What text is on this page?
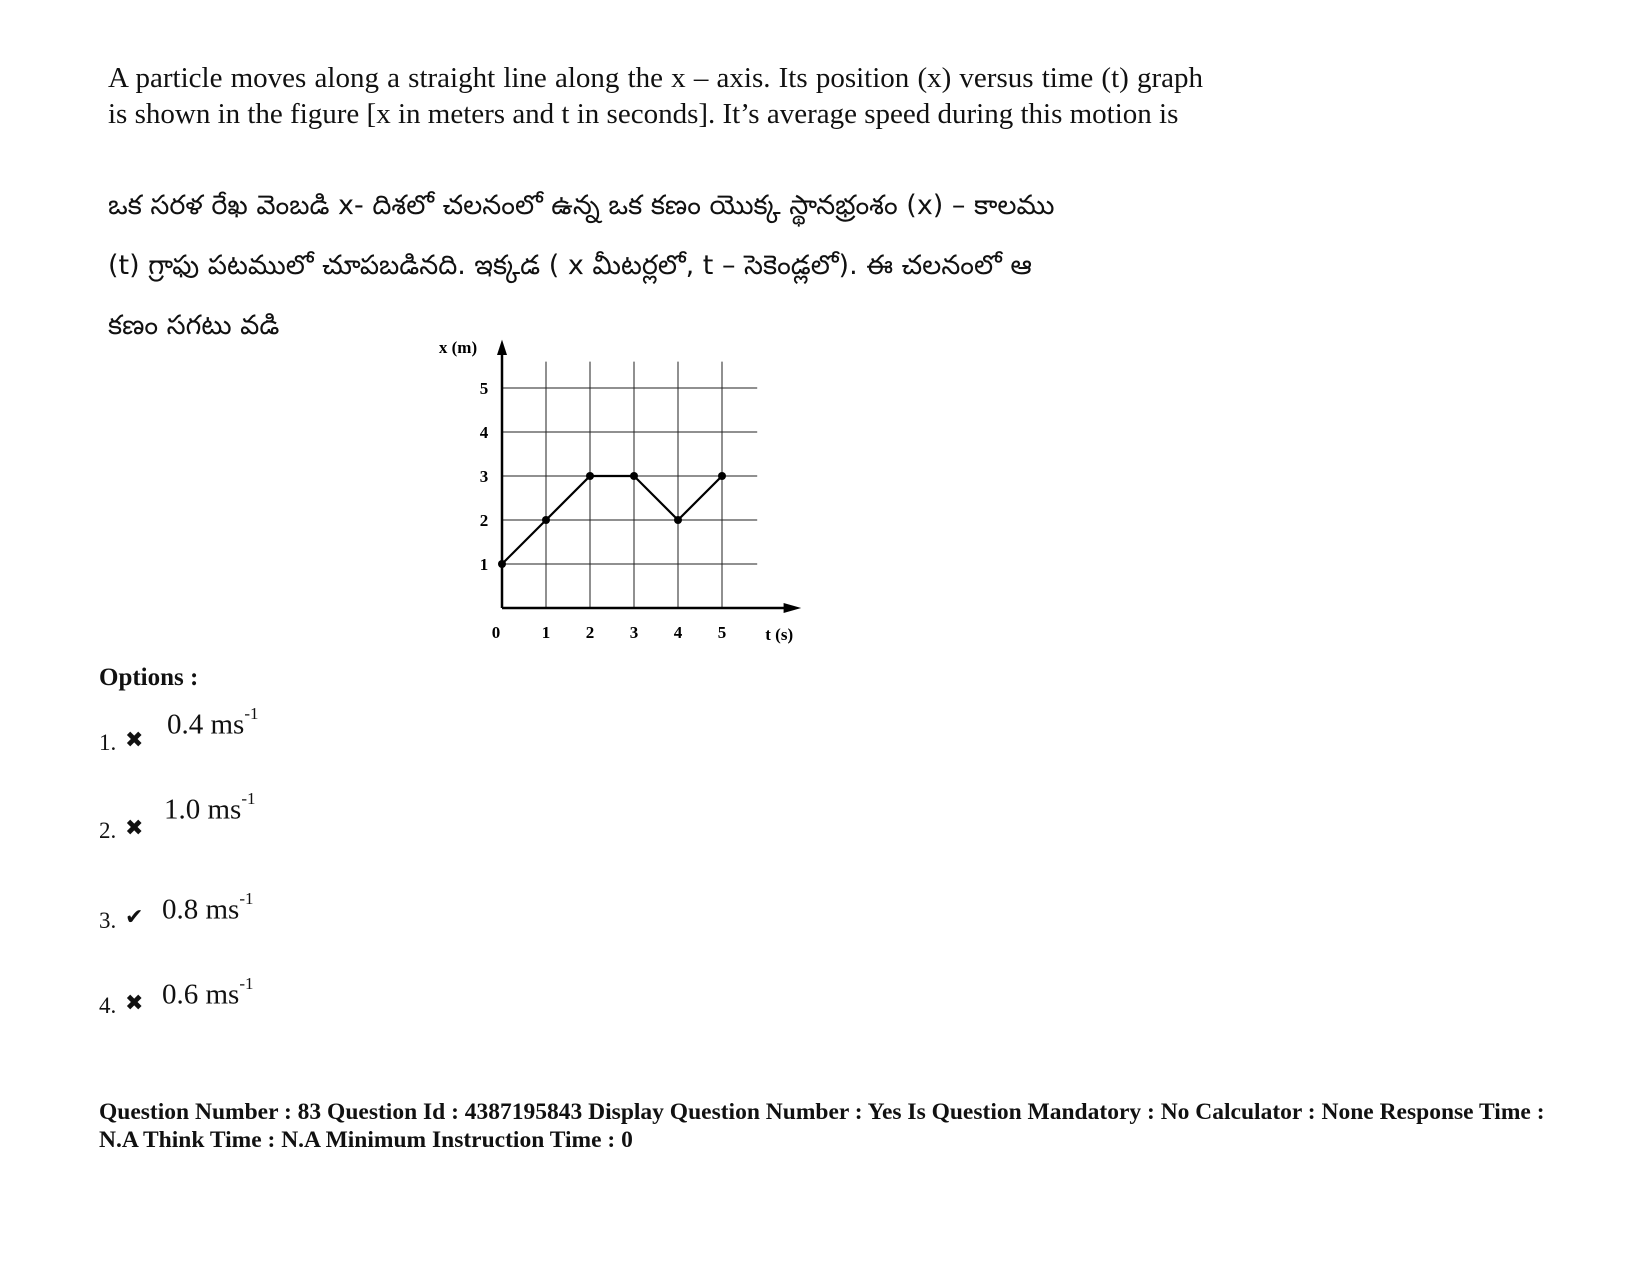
A particle moves along a straight line along the x – axis. Its position (x) versus time (t) graph is shown in the figure [x in meters and t in seconds]. It’s average speed during this motion is
ఒక సరళ రేఖ వెంబడి x- దిశలో చలనంలో ఉన్న ఒక కణం యొక్క స్థానభ్రంశం (x) – కాలము
(t) గ్రాఫు పటములో చూపబడినది. ఇక్కడ ( x మీటర్లలో, t – సెకెండ్లలో). ఈ చలనంలో ఆ
కణం సగటు వడి
0 1 2 3 4 5
1
2
3
4
5
x (m)
t (s)
Options :
1. ✖ 0.4 $ms^{-1}$
2. ✖
1.0 $ms^{-1}$
3. ✔ 0.8 $ms^{-1}$
4. ✖ 0.6 $ms^{-1}$
Question Number : 83 Question Id : 4387195843 Display Question Number : Yes Is Question Mandatory : No Calculator : None Response Time : N.A Think Time : N.A Minimum Instruction Time : 0
